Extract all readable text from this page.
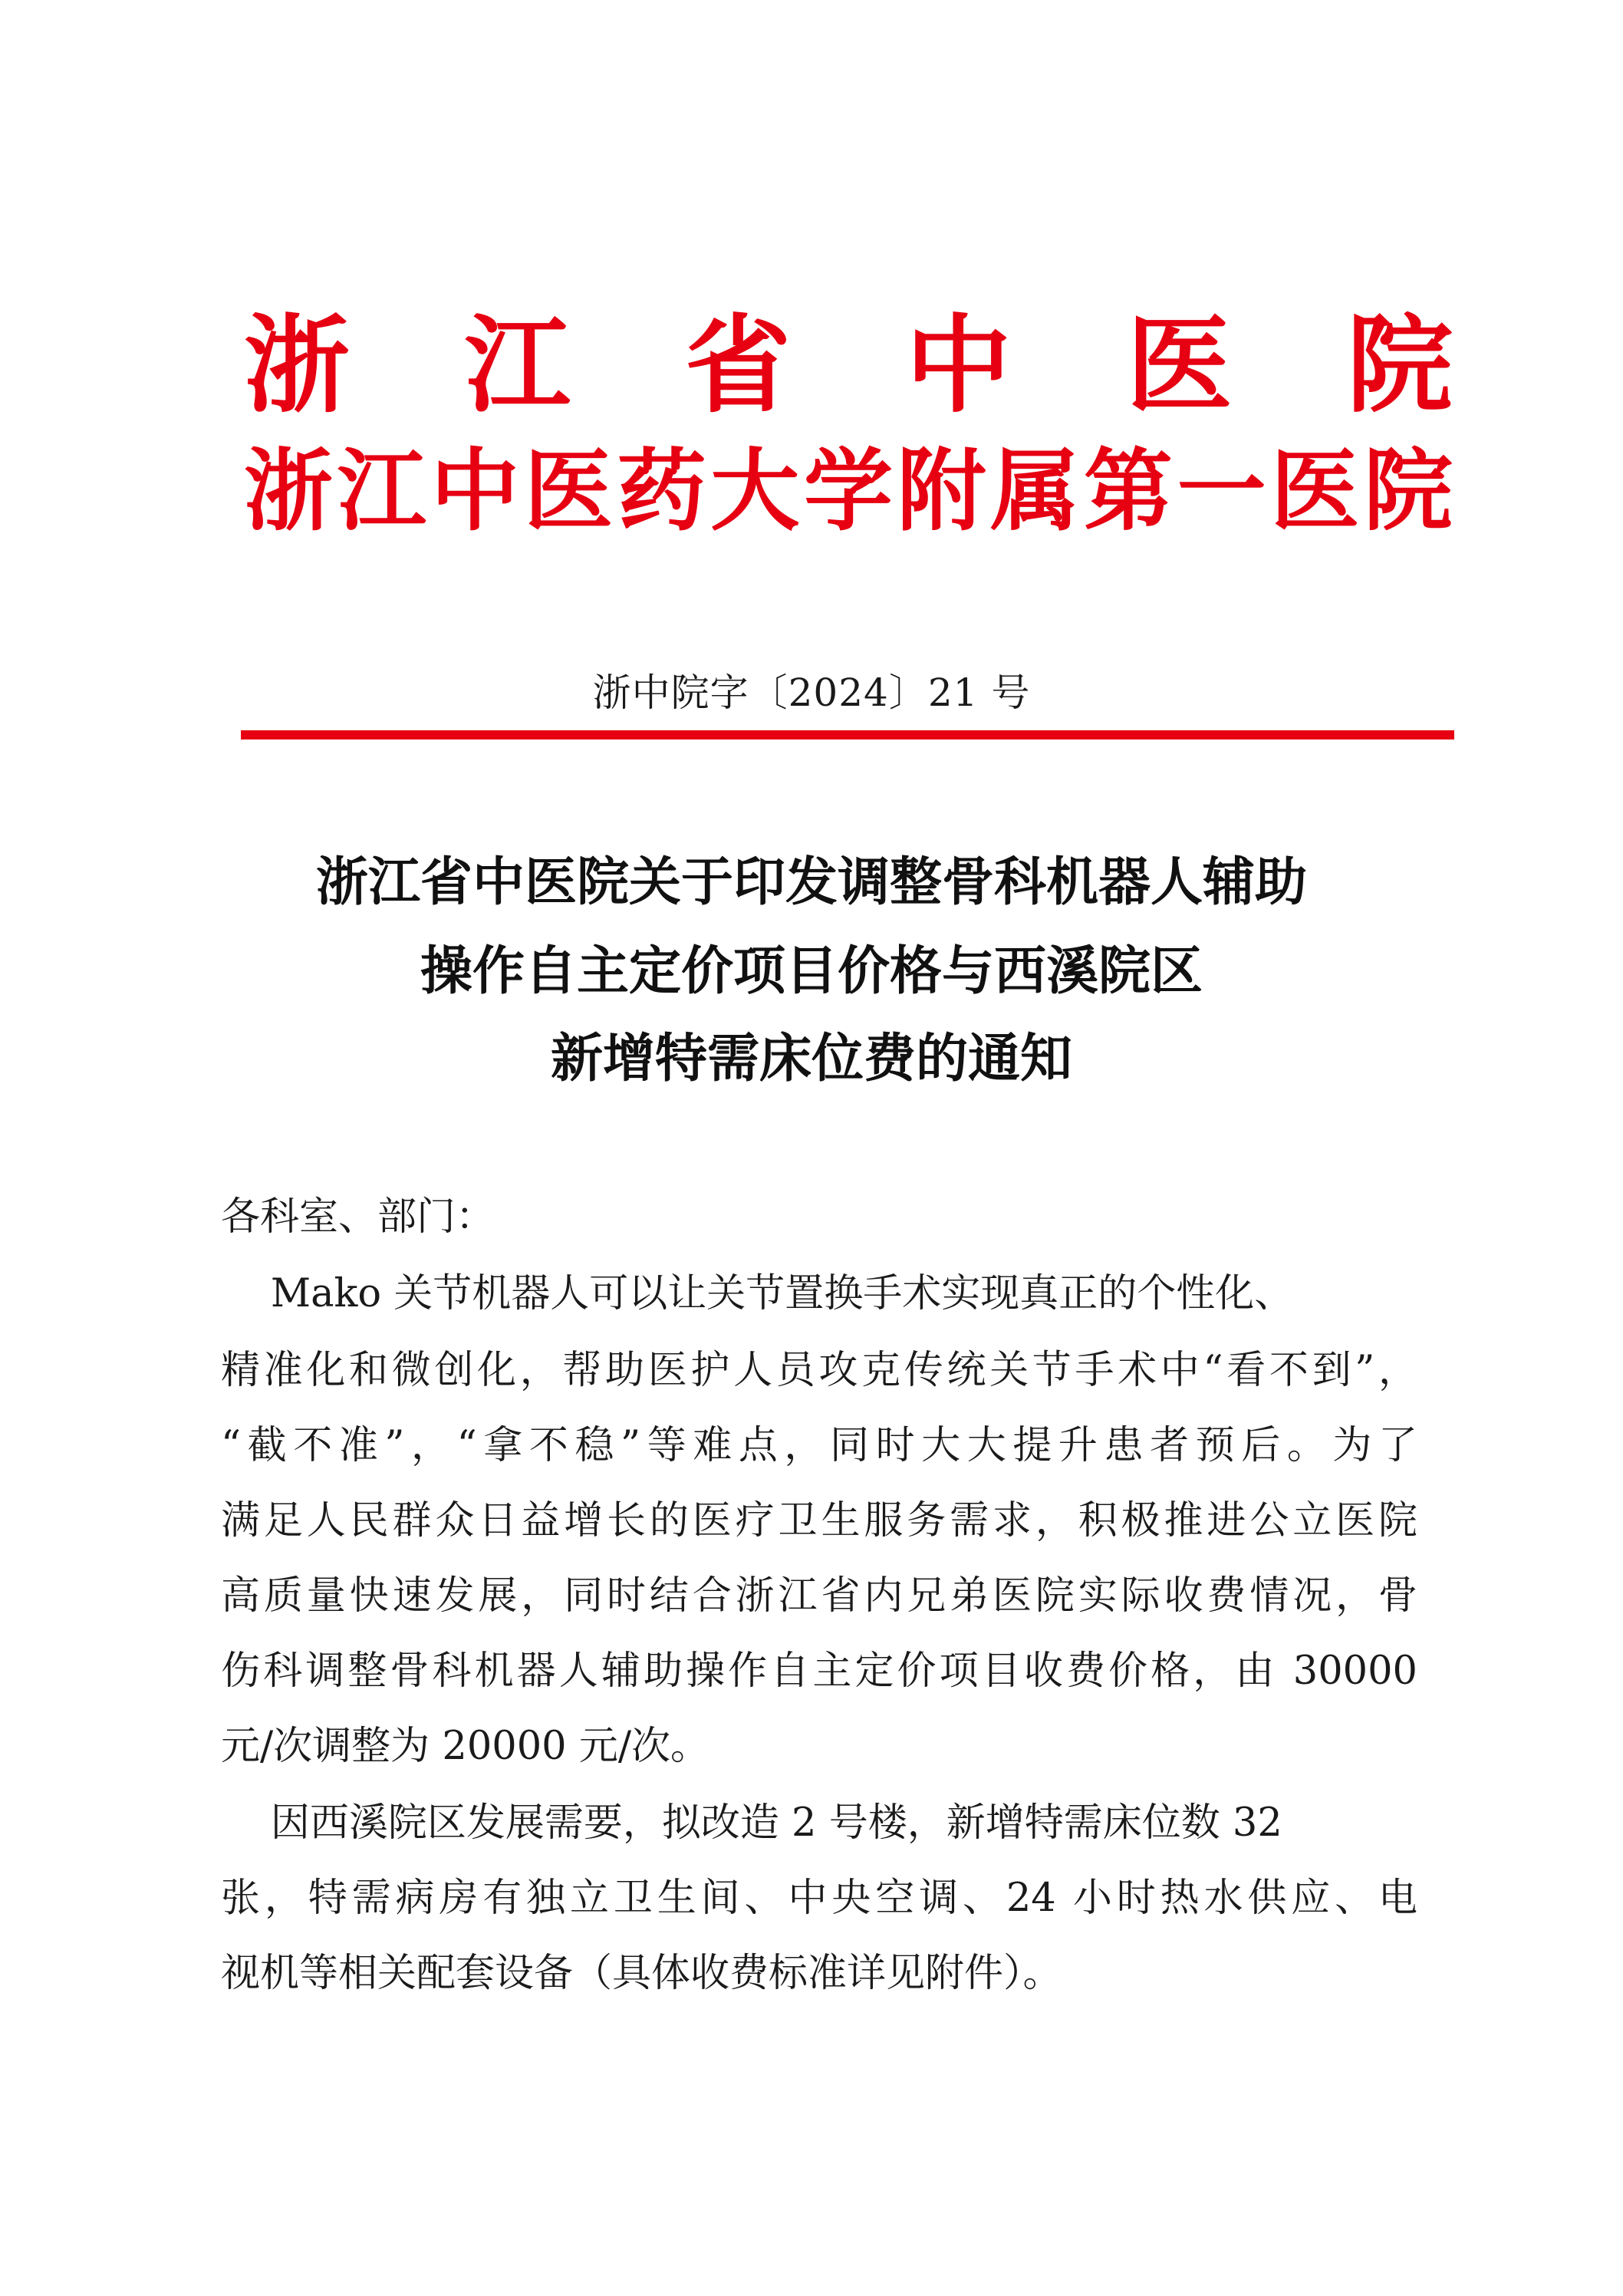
浙 江 省 中 医 院
浙 江 中 医 药 大 学 附 属 第 一 医 院
浙中院字〔2024〕21 号
浙江省中医院关于印发调整骨科机器人辅助
操作自主定价项目价格与西溪院区
新增特需床位费的通知
各科室、部门：
Mako 关节机器人可以让关节置换手术实现真正的个性化、
精准化和微创化，帮助医护人员攻克传统关节手术中“看不到”，
“截不准”，“拿不稳”等难点，同时大大提升患者预后。为了
满足人民群众日益增长的医疗卫生服务需求，积极推进公立医院
高质量快速发展，同时结合浙江省内兄弟医院实际收费情况，骨
伤科调整骨科机器人辅助操作自主定价项目收费价格，由 30000
元/次调整为 20000 元/次。
因西溪院区发展需要，拟改造 2 号楼，新增特需床位数 32
张，特需病房有独立卫生间、中央空调、24 小时热水供应、电
视机等相关配套设备（具体收费标准详见附件）。
